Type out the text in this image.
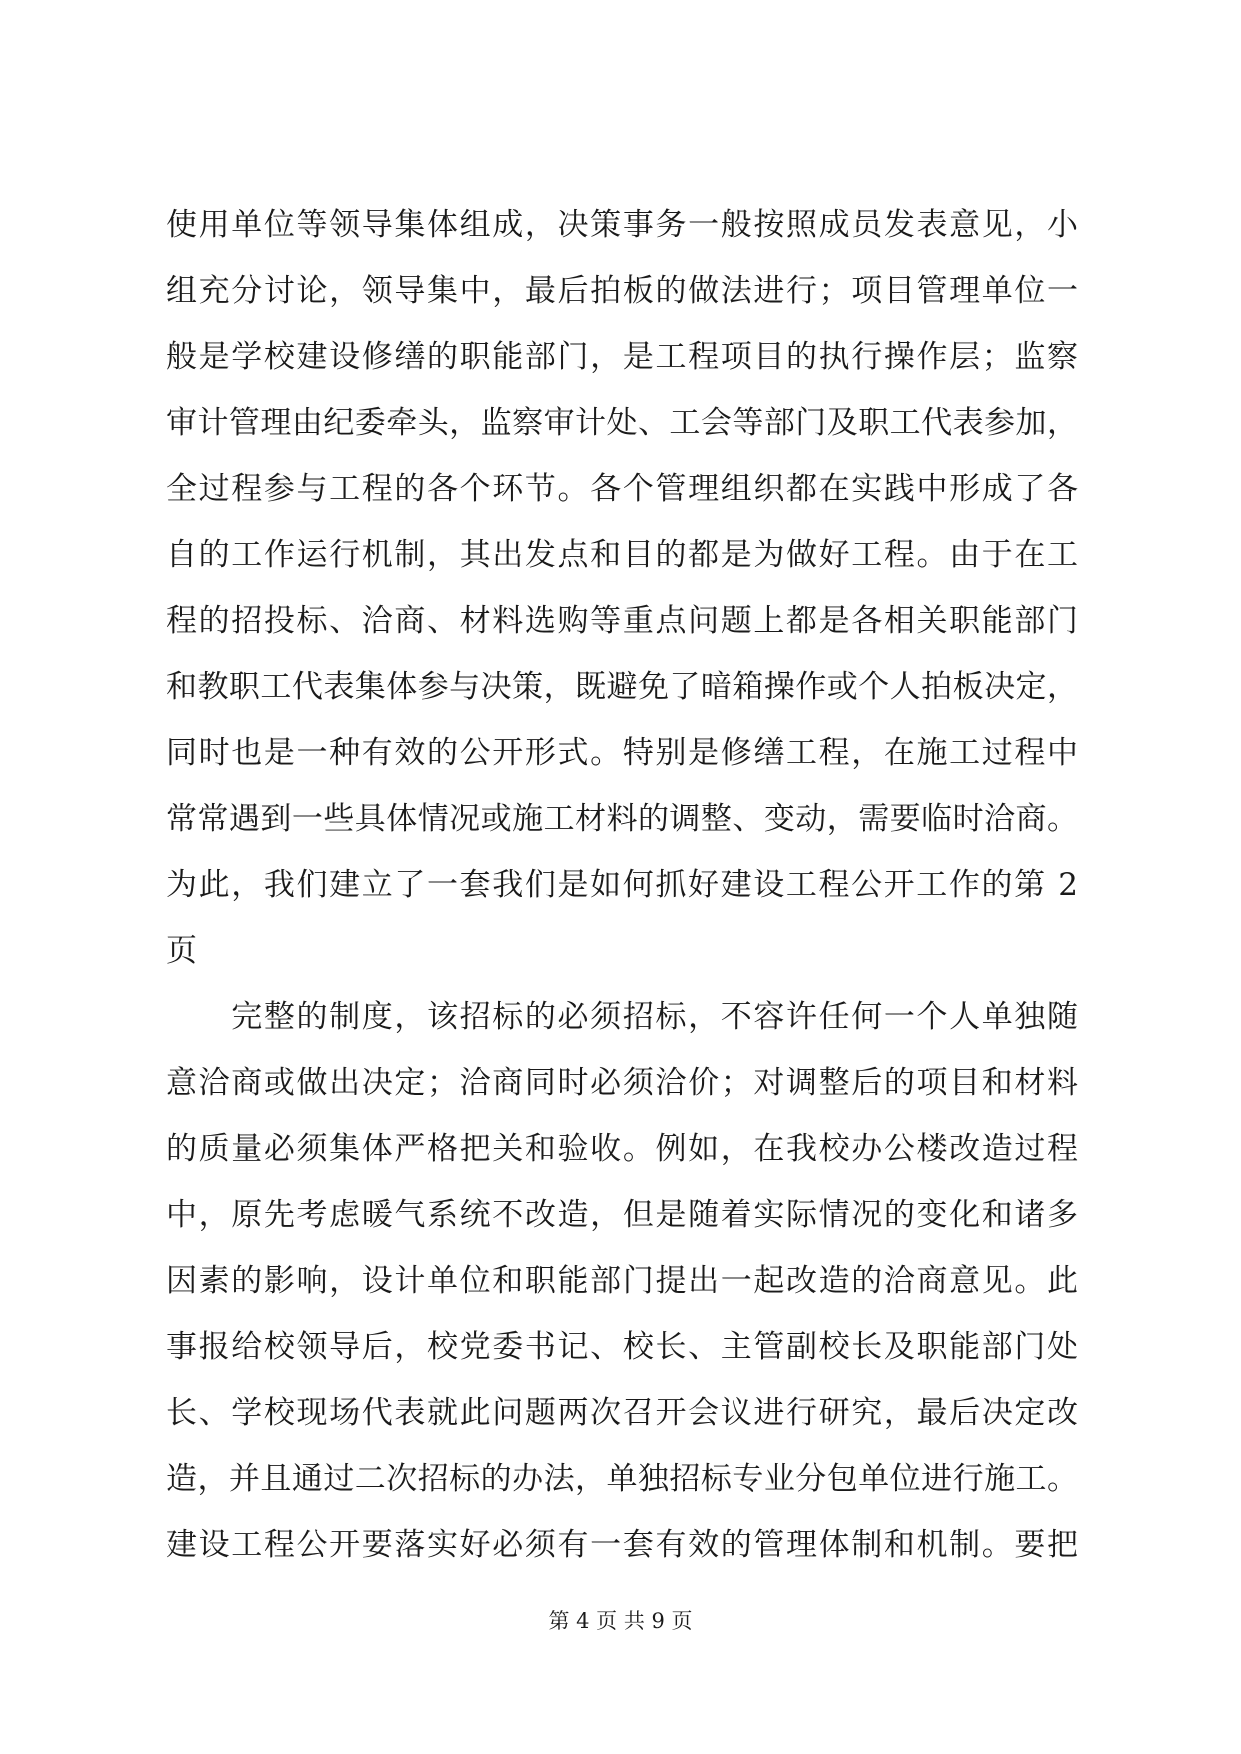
使用单位等领导集体组成，决策事务一般按照成员发表意见，小
组充分讨论，领导集中，最后拍板的做法进行；项目管理单位一
般是学校建设修缮的职能部门，是工程项目的执行操作层；监察
审计管理由纪委牵头，监察审计处、工会等部门及职工代表参加，
全过程参与工程的各个环节。各个管理组织都在实践中形成了各
自的工作运行机制，其出发点和目的都是为做好工程。由于在工
程的招投标、洽商、材料选购等重点问题上都是各相关职能部门
和教职工代表集体参与决策，既避免了暗箱操作或个人拍板决定，
同时也是一种有效的公开形式。特别是修缮工程，在施工过程中
常常遇到一些具体情况或施工材料的调整、变动，需要临时洽商。
为此，我们建立了一套我们是如何抓好建设工程公开工作的第 2
页
　　完整的制度，该招标的必须招标，不容许任何一个人单独随
意洽商或做出决定；洽商同时必须洽价；对调整后的项目和材料
的质量必须集体严格把关和验收。例如，在我校办公楼改造过程
中，原先考虑暖气系统不改造，但是随着实际情况的变化和诸多
因素的影响，设计单位和职能部门提出一起改造的洽商意见。此
事报给校领导后，校党委书记、校长、主管副校长及职能部门处
长、学校现场代表就此问题两次召开会议进行研究，最后决定改
造，并且通过二次招标的办法，单独招标专业分包单位进行施工。
建设工程公开要落实好必须有一套有效的管理体制和机制。要把
第 4 页 共 9 页
